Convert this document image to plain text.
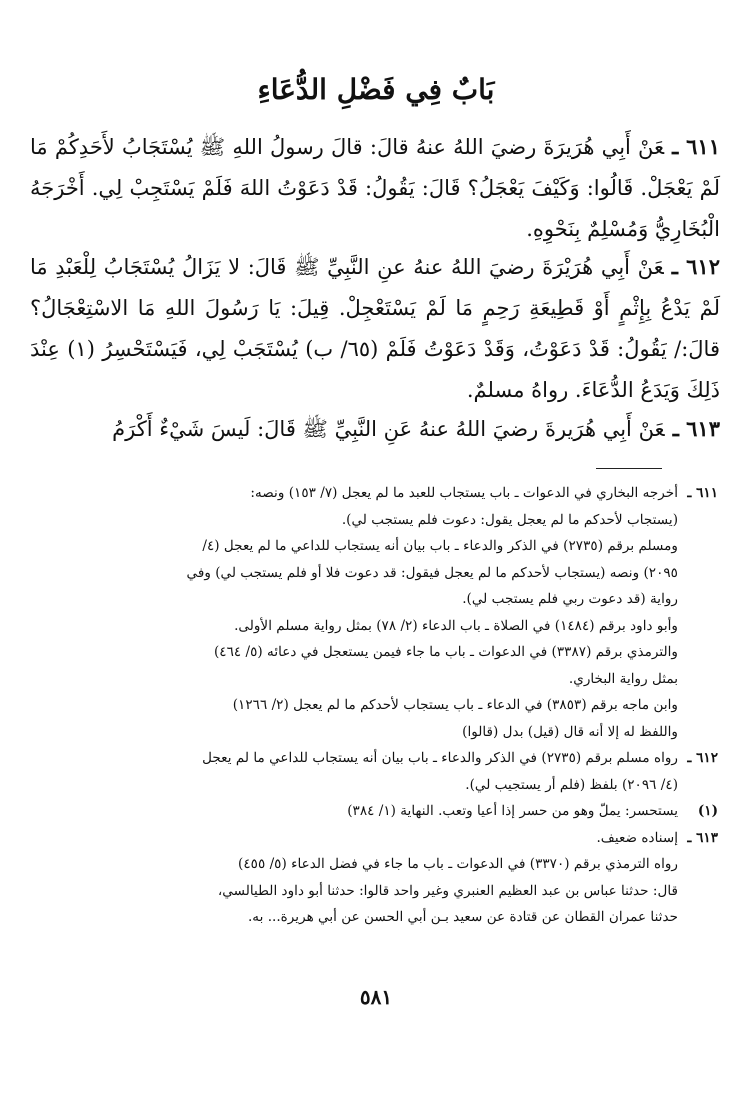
بَابٌ فِي فَضْلِ الدُّعَاءِ
٦١١ ـعَنْ أَبِي هُرَيرَةَ رضيَ اللهُ عنهُ قالَ: قالَ رسولُ اللهِ ﷺ يُسْتَجَابُ لأَحَدِكُمْ مَا لَمْ يَعْجَلْ. قَالُوا: وَكَيْفَ يَعْجَلُ؟ قَالَ: يَقُولُ: قَدْ دَعَوْتُ اللهَ فَلَمْ يَسْتَجِبْ لِي. أَخْرَجَهُ الْبُخَارِيُّ وَمُسْلِمٌ بِنَحْوِهِ.
٦١٢ ـعَنْ أَبِي هُرَيْرَةَ رضيَ اللهُ عنهُ عنِ النَّبِيِّ ﷺ قَالَ: لا يَزَالُ يُسْتَجَابُ لِلْعَبْدِ مَا لَمْ يَدْعُ بِإِثْمٍ أَوْ قَطِيعَةِ رَحِمٍ مَا لَمْ يَسْتَعْجِلْ. قِيلَ: يَا رَسُولَ اللهِ مَا الاسْتِعْجَالُ؟ قالَ:/ يَقُولُ: قَدْ دَعَوْتُ، وَقَدْ دَعَوْتُ فَلَمْ (٦٥/ ب) يُسْتَجَبْ لِي، فَيَسْتَحْسِرُ (١) عِنْدَ ذَلِكَ وَيَدَعُ الدُّعَاءَ. رواهُ مسلمٌ.
٦١٣ ـعَنْ أَبِي هُرَيرةَ رضيَ اللهُ عنهُ عَنِ النَّبِيِّ ﷺ قَالَ: لَيسَ شَيْءٌ أَكْرَمُ
٦١١ ـأخرجه البخاري في الدعوات ـ باب يستجاب للعبد ما لم يعجل (٧/ ١٥٣) ونصه:
(يستجاب لأحدكم ما لم يعجل يقول: دعوت فلم يستجب لي).
ومسلم برقم (٢٧٣٥) في الذكر والدعاء ـ باب بيان أنه يستجاب للداعي ما لم يعجل (٤/
٢٠٩٥) ونصه (يستجاب لأحدكم ما لم يعجل فيقول: قد دعوت فلا أو فلم يستجب لي) وفي
رواية (قد دعوت ربي فلم يستجب لي).
وأبو داود برقم (١٤٨٤) في الصلاة ـ باب الدعاء (٢/ ٧٨) بمثل رواية مسلم الأولى.
والترمذي برقم (٣٣٨٧) في الدعوات ـ باب ما جاء فيمن يستعجل في دعائه (٥/ ٤٦٤)
بمثل رواية البخاري.
وابن ماجه برقم (٣٨٥٣) في الدعاء ـ باب يستجاب لأحدكم ما لم يعجل (٢/ ١٢٦٦)
واللفظ له إلا أنه قال (قيل) بدل (قالوا)
٦١٢ ـرواه مسلم برقم (٢٧٣٥) في الذكر والدعاء ـ باب بيان أنه يستجاب للداعي ما لم يعجل
(٤/ ٢٠٩٦) بلفظ (فلم أر يستجيب لي).
(١)يستحسر: يملّ وهو من حسر إذا أعيا وتعب. النهاية (١/ ٣٨٤)
٦١٣ ـإسناده ضعيف.
رواه الترمذي برقم (٣٣٧٠) في الدعوات ـ باب ما جاء في فضل الدعاء (٥/ ٤٥٥)
قال: حدثنا عباس بن عبد العظيم العنبري وغير واحد قالوا: حدثنا أبو داود الطيالسي،
حدثنا عمران القطان عن قتادة عن سعيد بـن أبي الحسن عن أبي هريرة... به.
٥٨١
